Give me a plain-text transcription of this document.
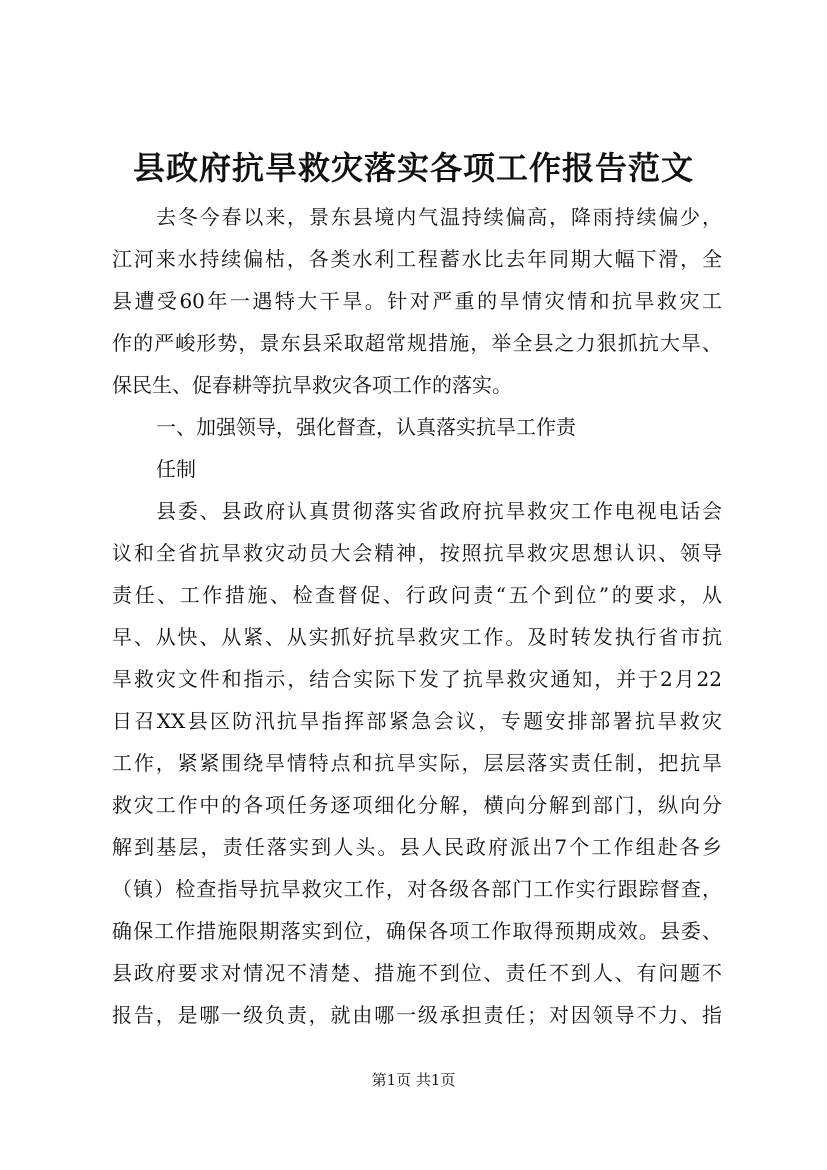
县政府抗旱救灾落实各项工作报告范文
去冬今春以来，景东县境内气温持续偏高，降雨持续偏少，
江河来水持续偏枯，各类水利工程蓄水比去年同期大幅下滑，全
县遭受60年一遇特大干旱。针对严重的旱情灾情和抗旱救灾工
作的严峻形势，景东县采取超常规措施，举全县之力狠抓抗大旱、
保民生、促春耕等抗旱救灾各项工作的落实。
一、加强领导，强化督查，认真落实抗旱工作责
任制
县委、县政府认真贯彻落实省政府抗旱救灾工作电视电话会
议和全省抗旱救灾动员大会精神，按照抗旱救灾思想认识、领导
责任、工作措施、检查督促、行政问责“五个到位”的要求，从
早、从快、从紧、从实抓好抗旱救灾工作。及时转发执行省市抗
旱救灾文件和指示，结合实际下发了抗旱救灾通知，并于2月22
日召XX县区防汛抗旱指挥部紧急会议，专题安排部署抗旱救灾
工作，紧紧围绕旱情特点和抗旱实际，层层落实责任制，把抗旱
救灾工作中的各项任务逐项细化分解，横向分解到部门，纵向分
解到基层，责任落实到人头。县人民政府派出7个工作组赴各乡
（镇）检查指导抗旱救灾工作，对各级各部门工作实行跟踪督查，
确保工作措施限期落实到位，确保各项工作取得预期成效。县委、
县政府要求对情况不清楚、措施不到位、责任不到人、有问题不
报告，是哪一级负责，就由哪一级承担责任；对因领导不力、指
第1页 共1页
